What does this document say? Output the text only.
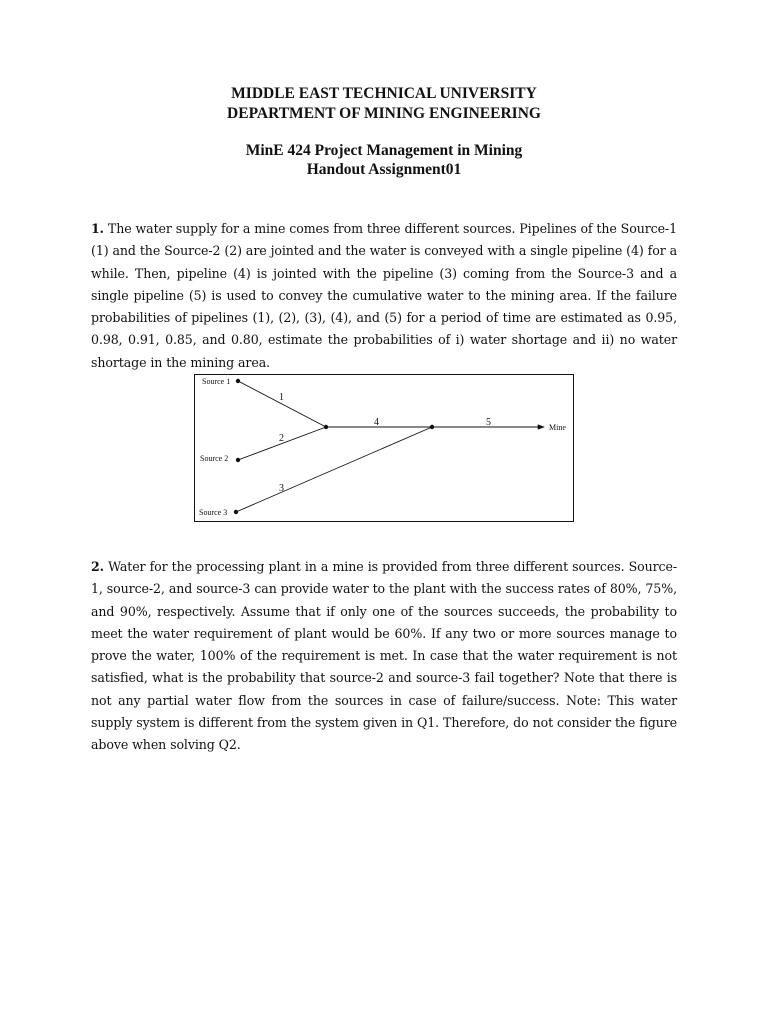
MIDDLE EAST TECHNICAL UNIVERSITY
DEPARTMENT OF MINING ENGINEERING
MinE 424 Project Management in Mining
Handout Assignment01
1. The water supply for a mine comes from three different sources. Pipelines of the Source-1 (1) and the Source-2 (2) are jointed and the water is conveyed with a single pipeline (4) for a while. Then, pipeline (4) is jointed with the pipeline (3) coming from the Source-3 and a single pipeline (5) is used to convey the cumulative water to the mining area. If the failure probabilities of pipelines (1), (2), (3), (4), and (5) for a period of time are estimated as 0.95, 0.98, 0.91, 0.85, and 0.80, estimate the probabilities of i) water shortage and ii) no water shortage in the mining area.
Source 1
Source 2
Source 3
Mine
1
2
3
4	5
2. Water for the processing plant in a mine is provided from three different sources. Source-1, source-2, and source-3 can provide water to the plant with the success rates of 80%, 75%, and 90%, respectively. Assume that if only one of the sources succeeds, the probability to meet the water requirement of plant would be 60%. If any two or more sources manage to prove the water, 100% of the requirement is met. In case that the water requirement is not satisfied, what is the probability that source-2 and source-3 fail together? Note that there is not any partial water flow from the sources in case of failure/success. Note: This water supply system is different from the system given in Q1. Therefore, do not consider the figure above when solving Q2.
